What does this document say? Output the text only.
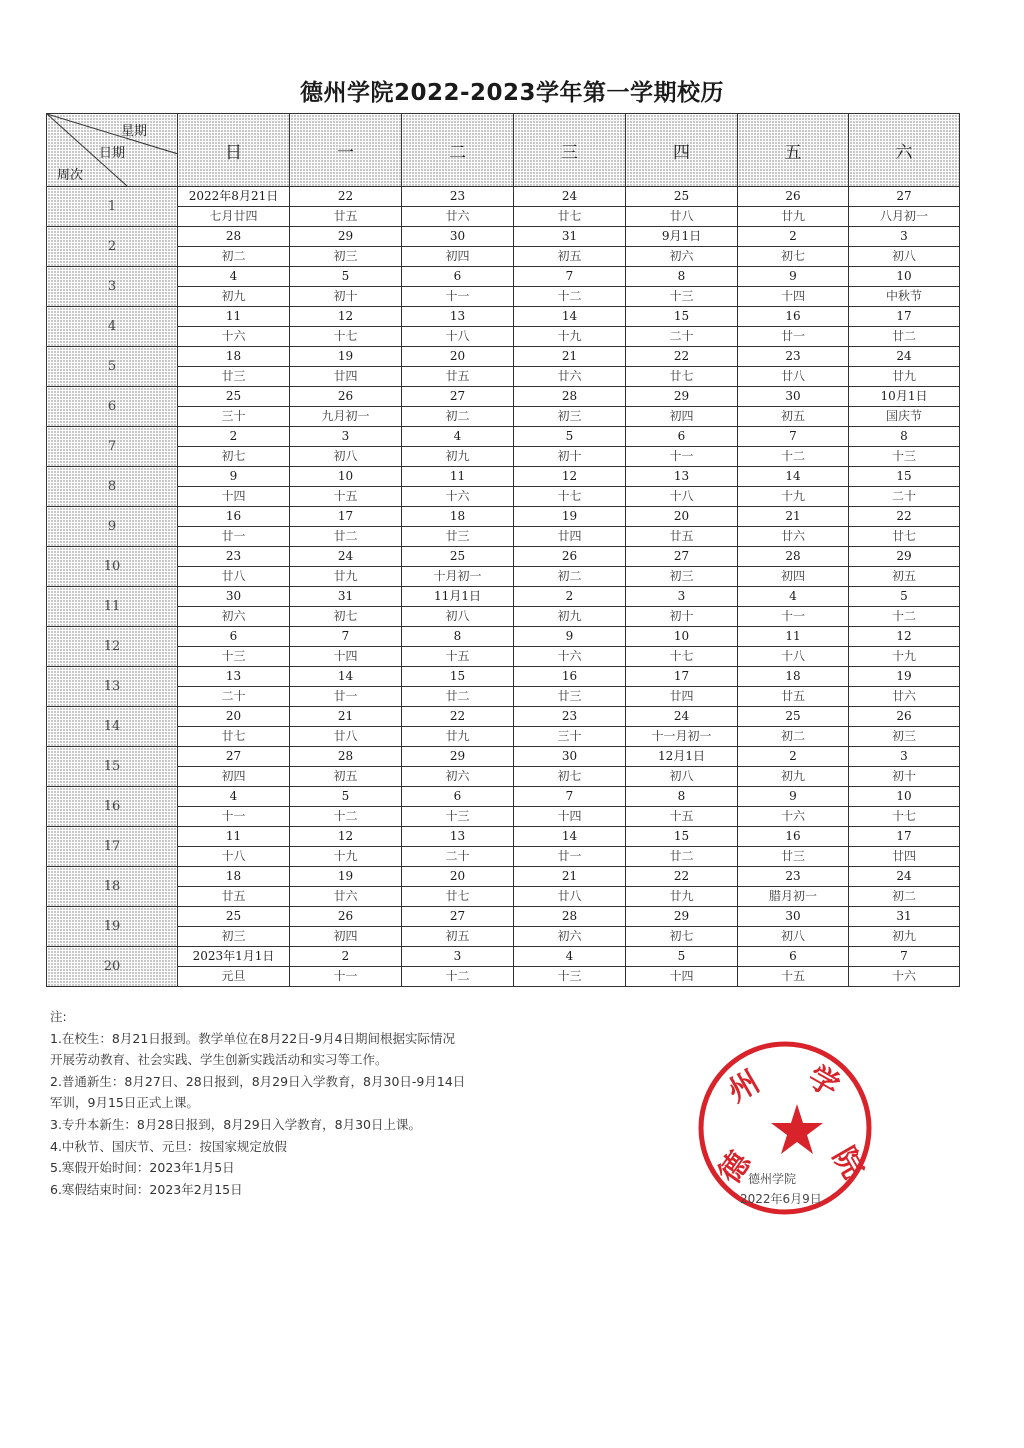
德州学院2022-2023学年第一学期校历
星期
日期
周次	日	一	二	三	四	五	六
1	2022年8月21日	22	23	24	25	26	27
	七月廿四	廿五	廿六	廿七	廿八	廿九	八月初一
2	28	29	30	31	9月1日	2	3
	初二	初三	初四	初五	初六	初七	初八
3	4	5	6	7	8	9	10
	初九	初十	十一	十二	十三	十四	中秋节
4	11	12	13	14	15	16	17
	十六	十七	十八	十九	二十	廿一	廿二
5	18	19	20	21	22	23	24
	廿三	廿四	廿五	廿六	廿七	廿八	廿九
6	25	26	27	28	29	30	10月1日
	三十	九月初一	初二	初三	初四	初五	国庆节
7	2	3	4	5	6	7	8
	初七	初八	初九	初十	十一	十二	十三
8	9	10	11	12	13	14	15
	十四	十五	十六	十七	十八	十九	二十
9	16	17	18	19	20	21	22
	廿一	廿二	廿三	廿四	廿五	廿六	廿七
10	23	24	25	26	27	28	29
	廿八	廿九	十月初一	初二	初三	初四	初五
11	30	31	11月1日	2	3	4	5
	初六	初七	初八	初九	初十	十一	十二
12	6	7	8	9	10	11	12
	十三	十四	十五	十六	十七	十八	十九
13	13	14	15	16	17	18	19
	二十	廿一	廿二	廿三	廿四	廿五	廿六
14	20	21	22	23	24	25	26
	廿七	廿八	廿九	三十	十一月初一	初二	初三
15	27	28	29	30	12月1日	2	3
	初四	初五	初六	初七	初八	初九	初十
16	4	5	6	7	8	9	10
	十一	十二	十三	十四	十五	十六	十七
17	11	12	13	14	15	16	17
	十八	十九	二十	廿一	廿二	廿三	廿四
18	18	19	20	21	22	23	24
	廿五	廿六	廿七	廿八	廿九	腊月初一	初二
19	25	26	27	28	29	30	31
	初三	初四	初五	初六	初七	初八	初九
20	2023年1月1日	2	3	4	5	6	7
	元旦	十一	十二	十三	十四	十五	十六
注:
1.在校生：8月21日报到。教学单位在8月22日-9月4日期间根据实际情况
开展劳动教育、社会实践、学生创新实践活动和实习等工作。
2.普通新生：8月27日、28日报到，8月29日入学教育，8月30日-9月14日
军训，9月15日正式上课。
3.专升本新生：8月28日报到，8月29日入学教育，8月30日上课。
4.中秋节、国庆节、元旦：按国家规定放假
5.寒假开始时间：2023年1月5日
6.寒假结束时间：2023年2月15日	德
州 学
院
德州学院
2022年6月9日
